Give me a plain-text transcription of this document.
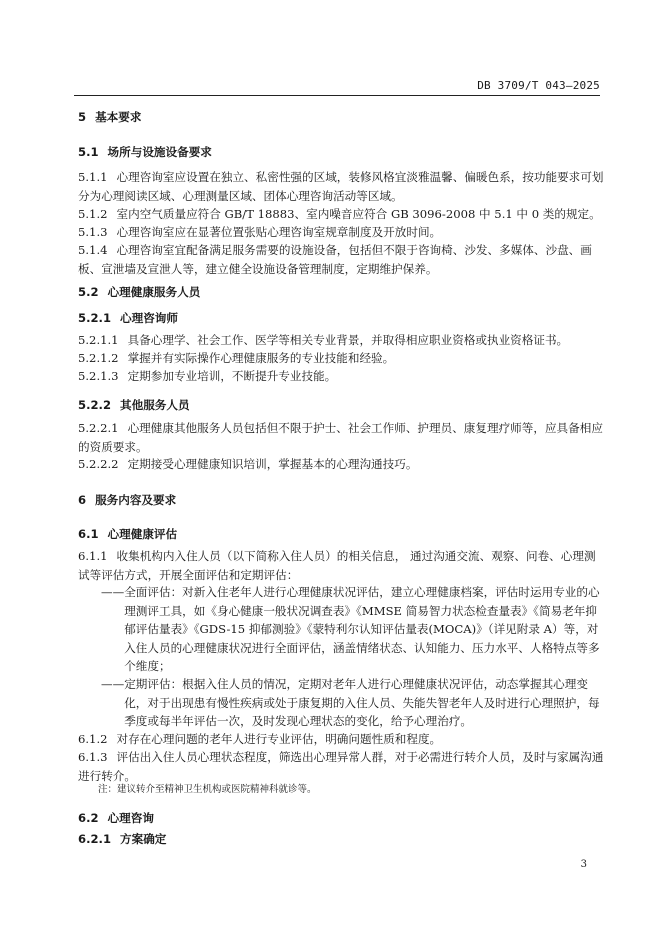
DB 3709/T 043—2025
5 基本要求
5.1 场所与设施设备要求
5.1.1 心理咨询室应设置在独立、私密性强的区域，装修风格宜淡雅温馨、偏暖色系，按功能要求可划分为心理阅读区域、心理测量区域、团体心理咨询活动等区域。
5.1.2 室内空气质量应符合 GB/T 18883、室内噪音应符合 GB 3096-2008 中 5.1 中 0 类的规定。
5.1.3 心理咨询室应在显著位置张贴心理咨询室规章制度及开放时间。
5.1.4 心理咨询室宜配备满足服务需要的设施设备，包括但不限于咨询椅、沙发、多媒体、沙盘、画板、宣泄墙及宣泄人等，建立健全设施设备管理制度，定期维护保养。
5.2 心理健康服务人员
5.2.1 心理咨询师
5.2.1.1 具备心理学、社会工作、医学等相关专业背景，并取得相应职业资格或执业资格证书。
5.2.1.2 掌握并有实际操作心理健康服务的专业技能和经验。
5.2.1.3 定期参加专业培训，不断提升专业技能。
5.2.2 其他服务人员
5.2.2.1 心理健康其他服务人员包括但不限于护士、社会工作师、护理员、康复理疗师等，应具备相应的资质要求。
5.2.2.2 定期接受心理健康知识培训，掌握基本的心理沟通技巧。
6 服务内容及要求
6.1 心理健康评估
6.1.1 收集机构内入住人员（以下简称入住人员）的相关信息， 通过沟通交流、观察、问卷、心理测试等评估方式，开展全面评估和定期评估：
—— 全面评估：对新入住老年人进行心理健康状况评估，建立心理健康档案，评估时运用专业的心理测评工具，如《身心健康一般状况调查表》《MMSE 简易智力状态检查量表》《简易老年抑郁评估量表》《GDS-15 抑郁测验》《蒙特利尔认知评估量表(MOCA)》（详见附录 A）等，对入住人员的心理健康状况进行全面评估，涵盖情绪状态、认知能力、压力水平、人格特点等多个维度；
—— 定期评估：根据入住人员的情况，定期对老年人进行心理健康状况评估，动态掌握其心理变化，对于出现患有慢性疾病或处于康复期的入住人员、失能失智老年人及时进行心理照护，每季度或每半年评估一次，及时发现心理状态的变化，给予心理治疗。
6.1.2 对存在心理问题的老年人进行专业评估，明确问题性质和程度。
6.1.3 评估出入住人员心理状态程度，筛选出心理异常人群，对于必需进行转介人员，及时与家属沟通进行转介。
注：建议转介至精神卫生机构或医院精神科就诊等。
6.2 心理咨询
6.2.1 方案确定
3
